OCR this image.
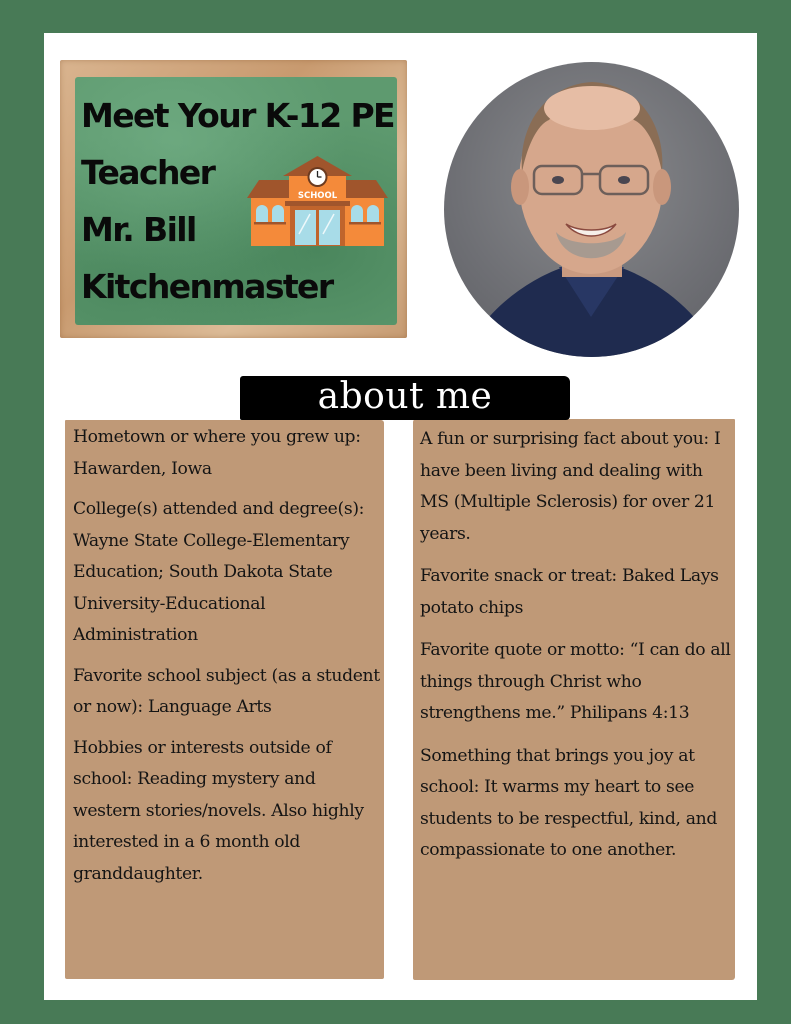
Meet Your K-12 PE
Teacher
Mr. Bill
Kitchenmaster
SCHOOL
about me

Hometown or where you grew up: Hawarden, Iowa

College(s) attended and degree(s): Wayne State College-Elementary Education; South Dakota State University-Educational Administration

Favorite school subject (as a student or now): Language Arts

Hobbies or interests outside of school: Reading mystery and western stories/novels. Also highly interested in a 6 month old granddaughter.

A fun or surprising fact about you: I have been living and dealing with MS (Multiple Sclerosis) for over 21 years.

Favorite snack or treat: Baked Lays potato chips

Favorite quote or motto: “I can do all things through Christ who strengthens me.” Philipans 4:13

Something that brings you joy at school: It warms my heart to see students to be respectful, kind, and compassionate to one another.
